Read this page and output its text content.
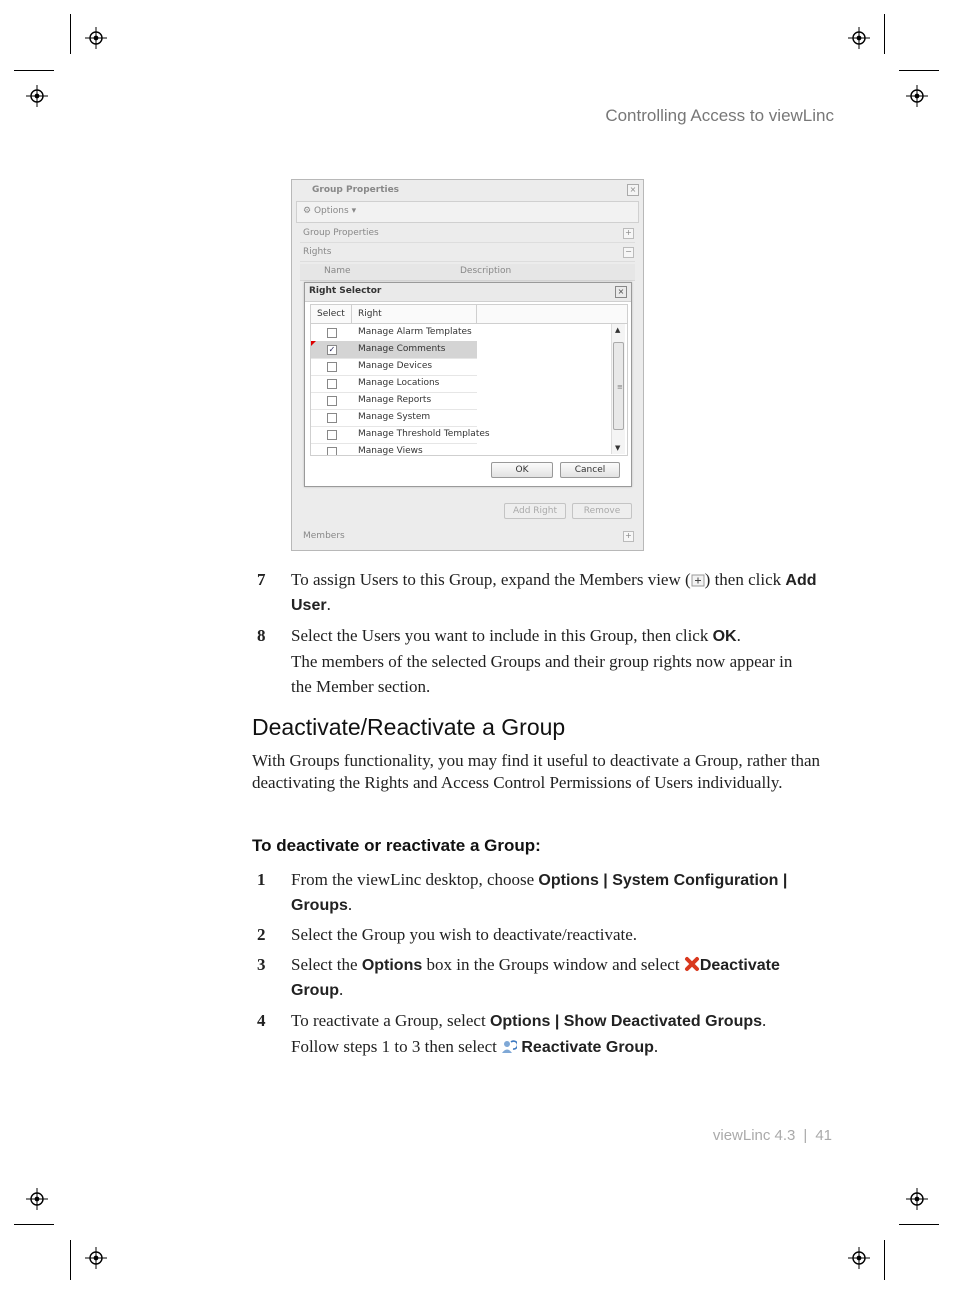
Controlling Access to viewLinc
Group Properties	×
⚙ Options ▾
Group Properties	+
Rights	−
Name	Description
Right Selector	×
Select Right
Manage Alarm Templates
✓	Manage Comments
Manage Devices
Manage Locations
Manage Reports
Manage System
Manage Threshold Templates
Manage Views
▲
≡
▼
OK	Cancel
Add Right	Remove
Members	+
7 To assign Users to this Group, expand the Members view ( ) then click Add User.
8 Select the Users you want to include in this Group, then click OK.
The members of the selected Groups and their group rights now appear in the Member section.
Deactivate/Reactivate a Group
With Groups functionality, you may find it useful to deactivate a Group, rather than deactivating the Rights and Access Control Permissions of Users individually.
To deactivate or reactivate a Group:
1 From the viewLinc desktop, choose Options | System Configuration | Groups.
2 Select the Group you wish to deactivate/reactivate.
3 Select the Options box in the Groups window and select Deactivate Group.
4 To reactivate a Group, select Options | Show Deactivated Groups.
Follow steps 1 to 3 then select  Reactivate Group.
viewLinc 4.3 | 41
